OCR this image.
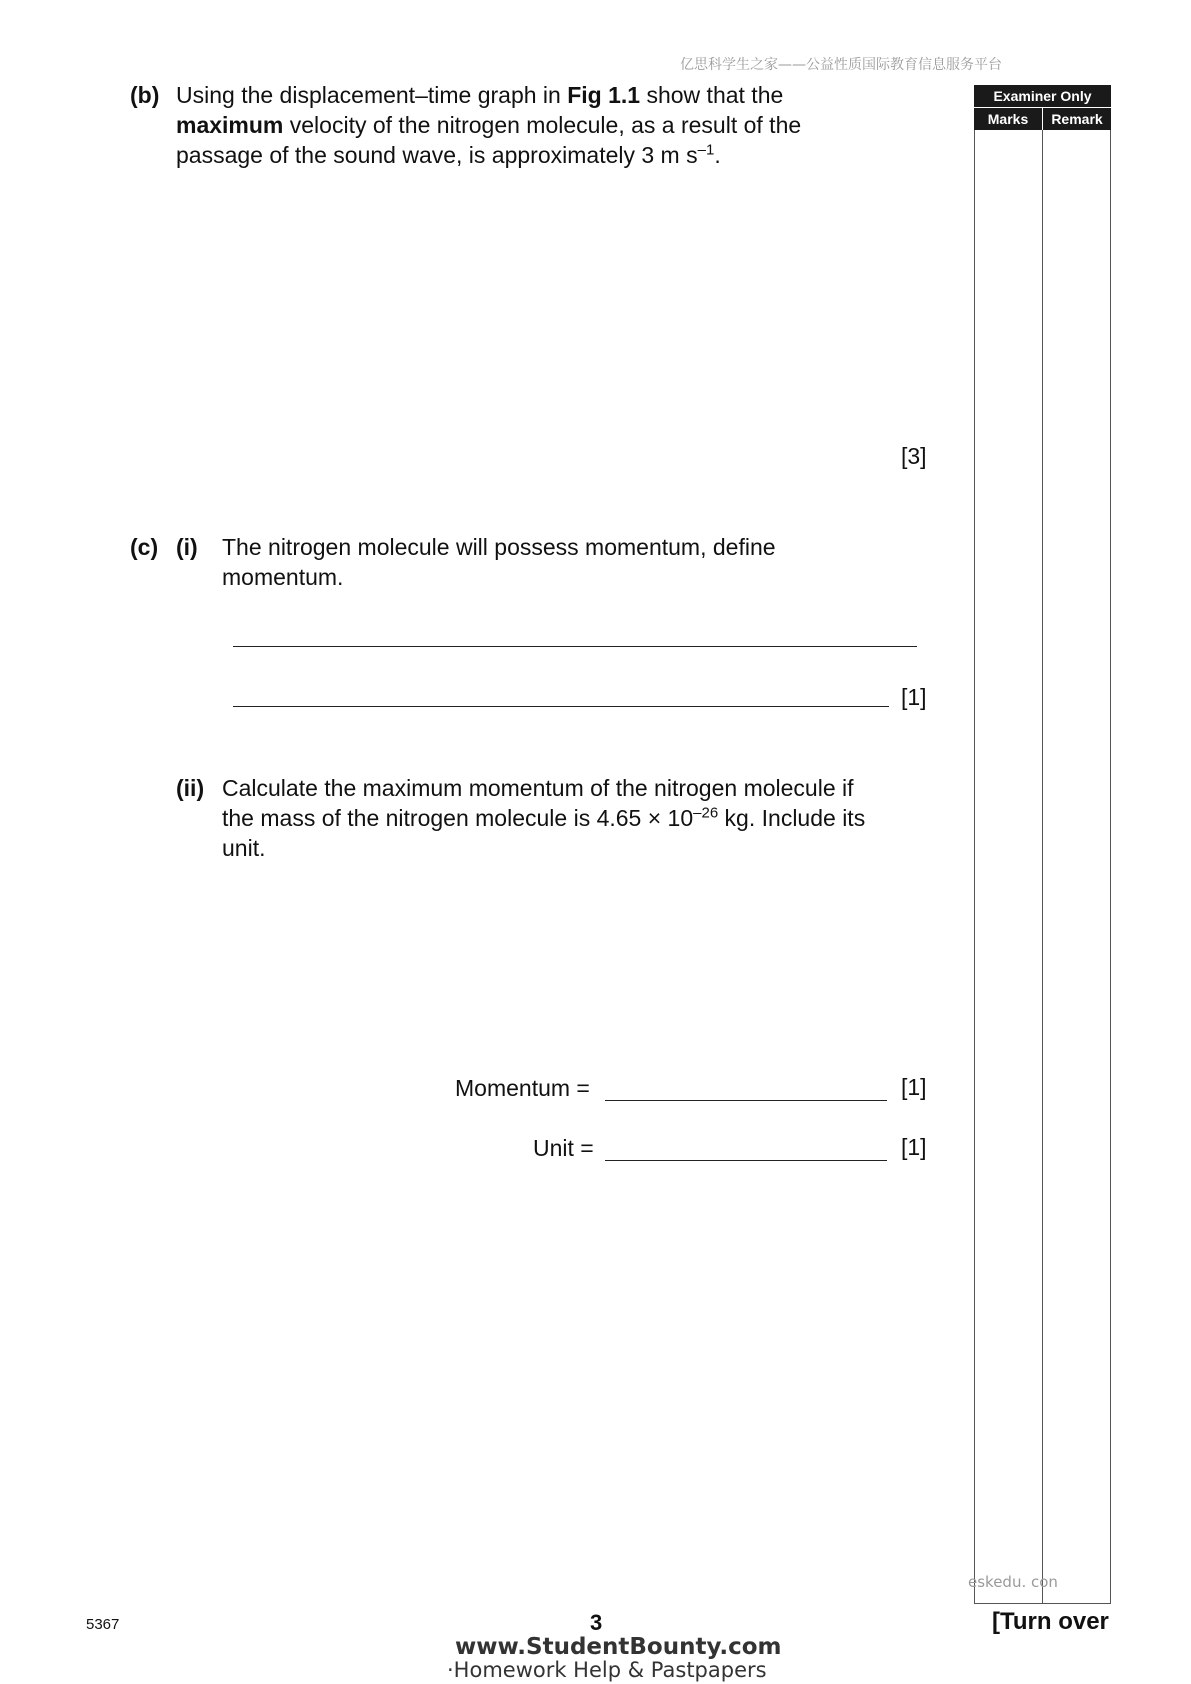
亿思科学生之家——公益性质国际教育信息服务平台
Examiner Only
Marks	Remark
(b) Using the displacement–time graph in Fig 1.1 show that the
maximum velocity of the nitrogen molecule, as a result of the
passage of the sound wave, is approximately 3 m $s^{-1}$.
[3]
(c) (i) The nitrogen molecule will possess momentum, define
momentum.
[1]
(ii) Calculate the maximum momentum of the nitrogen molecule if
the mass of the nitrogen molecule is $4.65 \times 10^{-26}$ kg. Include its
unit.
Momentum =	[1]
Unit =	[1]
eskedu. con
5367	3	[Turn over
www.StudentBounty.com
·Homework Help & Pastpapers
